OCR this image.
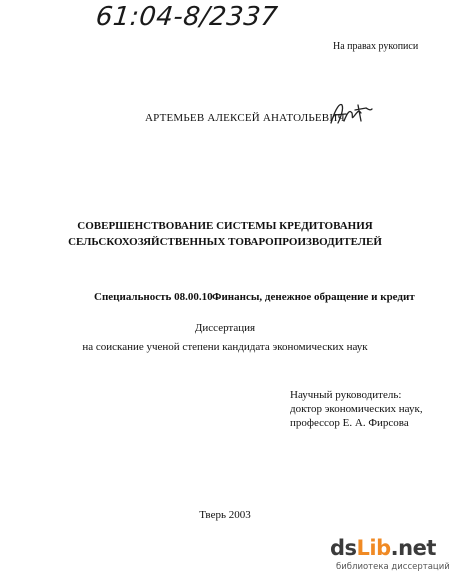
61:04-8/2337
На правах рукописи
АРТЕМЬЕВ АЛЕКСЕЙ АНАТОЛЬЕВИЧ
СОВЕРШЕНСТВОВАНИЕ СИСТЕМЫ КРЕДИТОВАНИЯ
СЕЛЬСКОХОЗЯЙСТВЕННЫХ ТОВАРОПРОИЗВОДИТЕЛЕЙ
Специальность 08.00.10 -
Финансы, денежное обращение и кредит
Диссертация
на соискание ученой степени кандидата экономических наук
Научный руководитель:
доктор экономических наук,
профессор Е. А. Фирсова
Тверь 2003
dsLib.net
библиотека диссертаций
